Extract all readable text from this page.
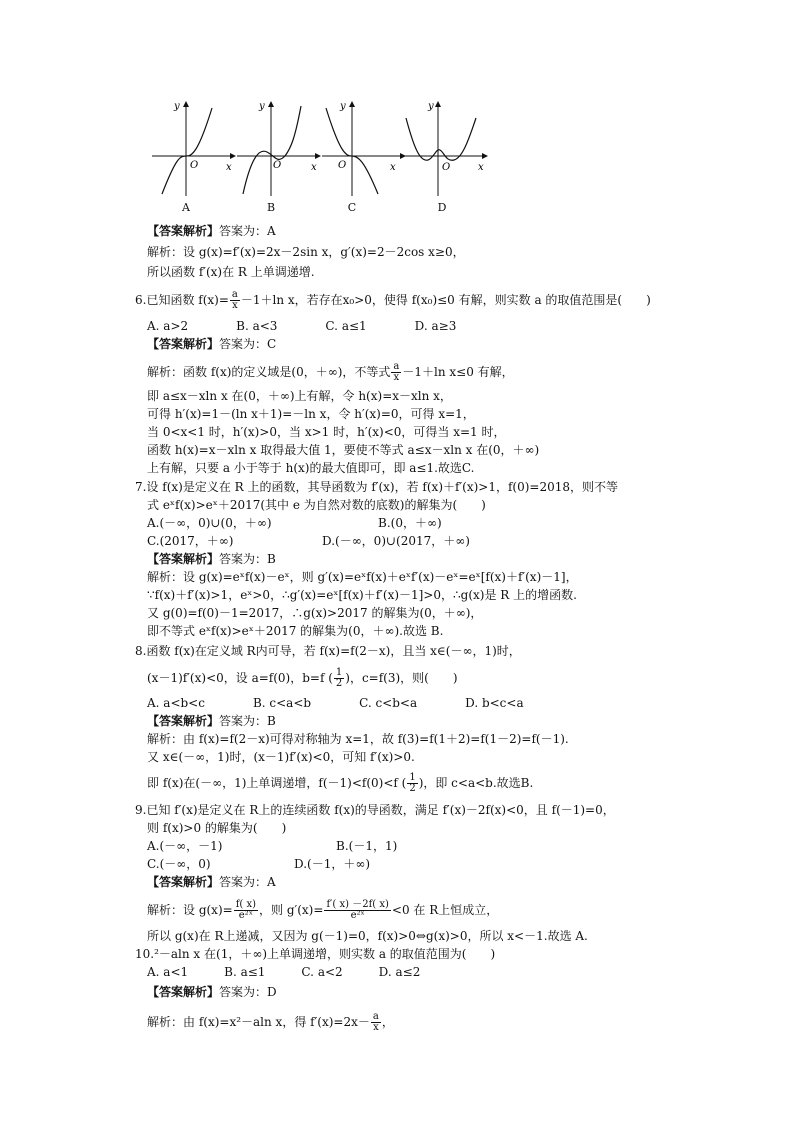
y
O	x
y
O	x
y
O	x
y
O	x
A	B	C	D
【答案解析】答案为：A
解析：设 g(x)=f′(x)=2x－2sin x，g′(x)=2－2cos x≥0，
所以函数 f′(x)在 R 上单调递增.
6.已知函数 $f(x)= \frac{a}{x} -1+\ln$ x，若存在x₀>0，使得 f(x₀)≤0 有解，则实数 a 的取值范围是(　　)
A. a>2　　　　B. a<3　　　　C. a≤1　　　　D. a≥3
【答案解析】答案为：C
解析：函数 f(x)的定义域是(0，＋∞)，不等式 $\frac{a}{x} -1+\ln$ x≤0 有解，
即 a≤x－xln x 在(0，＋∞)上有解，令 h(x)=x－xln x，
可得 h′(x)=1－(ln x＋1)=－ln x，令 h′(x)=0，可得 x=1，
当 0<x<1 时，h′(x)>0，当 x>1 时，h′(x)<0，可得当 x=1 时，
函数 h(x)=x－xln x 取得最大值 1，要使不等式 a≤x－xln x 在(0，＋∞)
上有解，只要 a 小于等于 h(x)的最大值即可，即 a≤1.故选C.
7.设 f(x)是定义在 R 上的函数，其导函数为 f′(x)，若 f(x)＋f′(x)>1，f(0)=2018，则不等
式 eˣf(x)>eˣ＋2017(其中 e 为自然对数的底数)的解集为(　　)
A.(－∞，0)∪(0，＋∞)	B.(0，＋∞)
C.(2017，＋∞)	D.(－∞，0)∪(2017，＋∞)
【答案解析】答案为：B
解析：设 g(x)=eˣf(x)－eˣ，则 g′(x)=eˣf(x)＋eˣf′(x)－eˣ=eˣ[f(x)＋f′(x)－1]，
∵f(x)＋f′(x)>1，eˣ>0，∴g′(x)=eˣ[f(x)＋f′(x)－1]>0，∴g(x)是 R 上的增函数.
又 g(0)=f(0)－1=2017，∴g(x)>2017 的解集为(0，＋∞)，
即不等式 eˣf(x)>eˣ＋2017 的解集为(0，＋∞).故选 B.
8.函数 f(x)在定义域 R内可导，若 f(x)=f(2－x)，且当 x∈(－∞，1)时，
(x－1)f′(x)<0，设 a=f(0)，b=f ( $\frac{1}{2}$ )，c=f(3)，则(　　)
A. a<b<c　　　　B. c<a<b　　　　C. c<b<a　　　　D. b<c<a
【答案解析】答案为：B
解析：由 f(x)=f(2－x)可得对称轴为 x=1，故 f(3)=f(1＋2)=f(1－2)=f(－1).
又 x∈(－∞，1)时，(x－1)f′(x)<0，可知 f′(x)>0.
即 f(x)在(－∞，1)上单调递增，f(－1)<f(0)<f ( $\frac{1}{2}$ )，即 c<a<b.故选B.
9.已知 f′(x)是定义在 R上的连续函数 f(x)的导函数，满足 f′(x)－2f(x)<0，且 f(－1)=0，
则 f(x)>0 的解集为(　　)
A.(－∞，－1)	B.(－1，1)
C.(－∞，0)	D.(－1，＋∞)
【答案解析】答案为：A
解析：设 $g(x)= \frac{f( x)}{\text{e²ˣ}}$ ，则 $g'(x)= \frac{f'( x) -2f( x)}{\text{e²ˣ}} <0$ 在 R上恒成立，
所以 g(x)在 R上递减，又因为 g(－1)=0，f(x)>0⇔g(x)>0，所以 x<－1.故选 A.
10.²－aln x 在(1，＋∞)上单调递增，则实数 a 的取值范围为(　　)
A. a<1　　　B. a≤1　　　C. a<2　　　D. a≤2
【答案解析】答案为：D
解析：由 f(x)=x²－aln x，得 $f'(x)=2x- \frac{a}{x}$ ，
